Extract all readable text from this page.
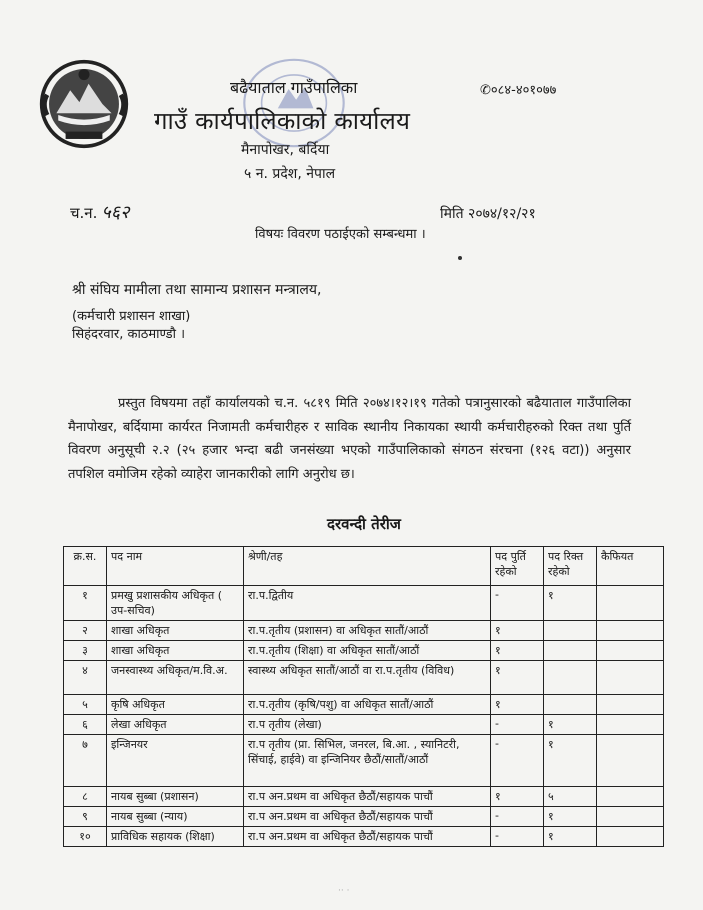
बढैयाताल गाउँपालिका
गाउँ कार्यपालिकाको कार्यालय
मैनापोखर, बर्दिया
५ न. प्रदेश, नेपाल
✆०८४-४०१०७७
च.न. ५६२	मिति २०७४/१२/२१
विषयः विवरण पठाईएको सम्बन्धमा ।
श्री संघिय मामीला तथा सामान्य प्रशासन मन्त्रालय,
(कर्मचारी प्रशासन शाखा)
सिहंदरवार, काठमाण्डौ ।
प्रस्तुत विषयमा तहाँ कार्यालयको च.न. ५८१९ मिति २०७४।१२।१९ गतेको पत्रानुसारको बढैयाताल गाउँपालिका मैनापोखर, बर्दियामा कार्यरत निजामती कर्मचारीहरु र साविक स्थानीय निकायका स्थायी कर्मचारीहरुको रिक्त तथा पुर्ति विवरण अनुसूची २.२ (२५ हजार भन्दा बढी जनसंख्या भएको गाउँपालिकाको संगठन संरचना (१२६ वटा)) अनुसार तपशिल वमोजिम रहेको व्याहेरा जानकारीको लागि अनुरोध छ।
दरवन्दी तेरीज
क्र.स.	पद नाम	श्रेणी/तह	पद पुर्ति रहेको	पद रिक्त रहेको	कैफियत
१	प्रमखु प्रशासकीय अधिकृत ( उप-सचिव)	रा.प.द्वितीय	-	१	
२	शाखा अधिकृत	रा.प.तृतीय (प्रशासन) वा अधिकृत सातौं/आठौं	१		
३	शाखा अधिकृत	रा.प.तृतीय (शिक्षा) वा अधिकृत सातौं/आठौं	१		
४	जनस्वास्थ्य अधिकृत/म.वि.अ.	स्वास्थ्य अधिकृत सातौं/आठौं वा रा.प.तृतीय (विविध)	१		
५	कृषि अधिकृत	रा.प.तृतीय (कृषि/पशु) वा अधिकृत सातौं/आठौं	१		
६	लेखा अधिकृत	रा.प तृतीय (लेखा)	-	१	
७	इन्जिनयर	रा.प तृतीय (प्रा. सिभिल, जनरल, बि.आ. , स्यानिटरी, सिंचाई, हाईवे) वा इन्जिनियर छैठौं/सातौं/आठौं	-	१	
८	नायब सुब्बा (प्रशासन)	रा.प अन.प्रथम वा अधिकृत छैठौं/सहायक पाचौं	१	५	
९	नायब सुब्बा (न्याय)	रा.प अन.प्रथम वा अधिकृत छैठौं/सहायक पाचौं	-	१	
१०	प्राविधिक सहायक (शिक्षा)	रा.प अन.प्रथम वा अधिकृत छैठौं/सहायक पाचौं	-	१	
·· ·
